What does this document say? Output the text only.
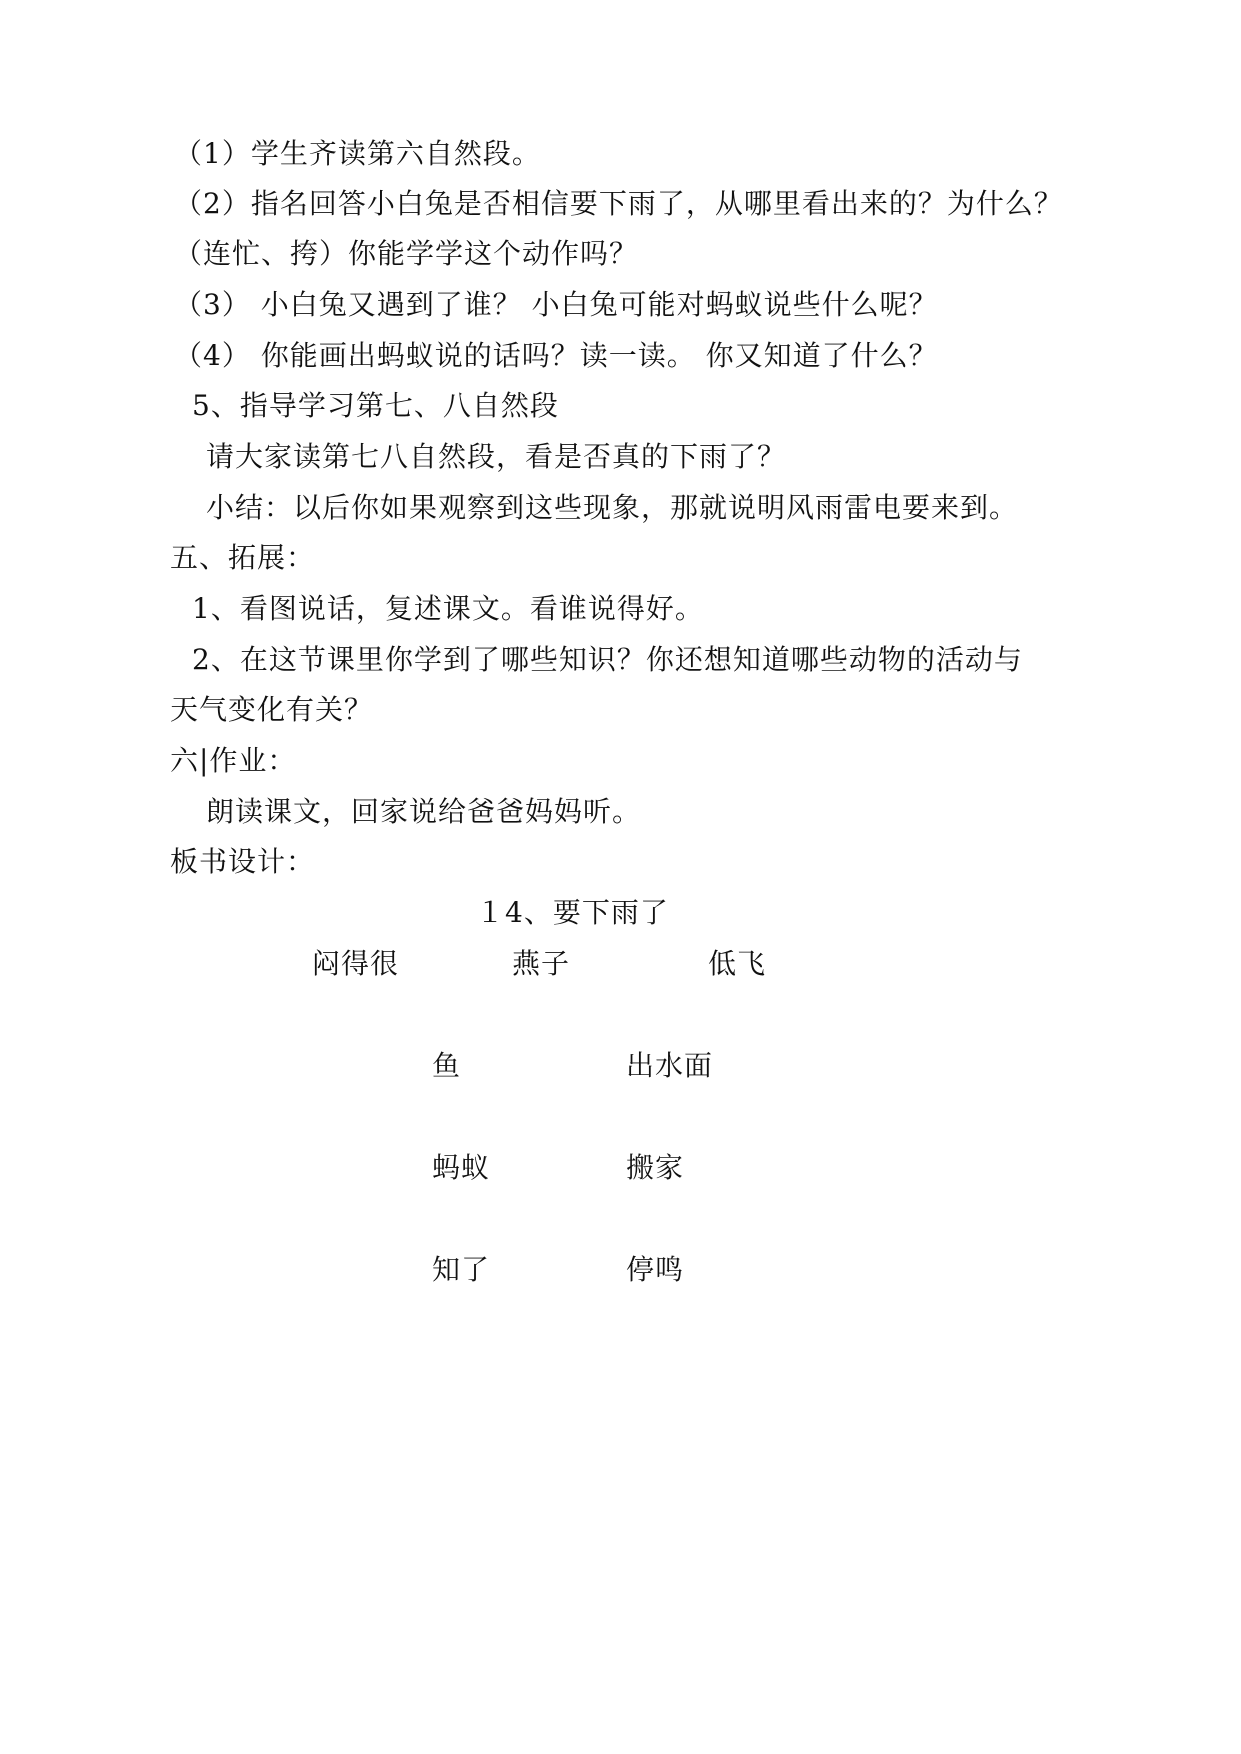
（1）学生齐读第六自然段。
（2）指名回答小白兔是否相信要下雨了，从哪里看出来的？为什么？
（连忙、挎）你能学学这个动作吗？
（3） 小白兔又遇到了谁？ 小白兔可能对蚂蚁说些什么呢？
（4） 你能画出蚂蚁说的话吗？读一读。 你又知道了什么？
5、指导学习第七、八自然段
请大家读第七八自然段，看是否真的下雨了？
小结：以后你如果观察到这些现象，那就说明风雨雷电要来到。
五、拓展：
1、看图说话，复述课文。看谁说得好。
2、在这节课里你学到了哪些知识？你还想知道哪些动物的活动与
天气变化有关？
六|作业：
朗读课文，回家说给爸爸妈妈听。
板书设计：
１4、要下雨了
闷得很	燕子	低飞
鱼	出水面
蚂蚁	搬家
知了	停鸣
